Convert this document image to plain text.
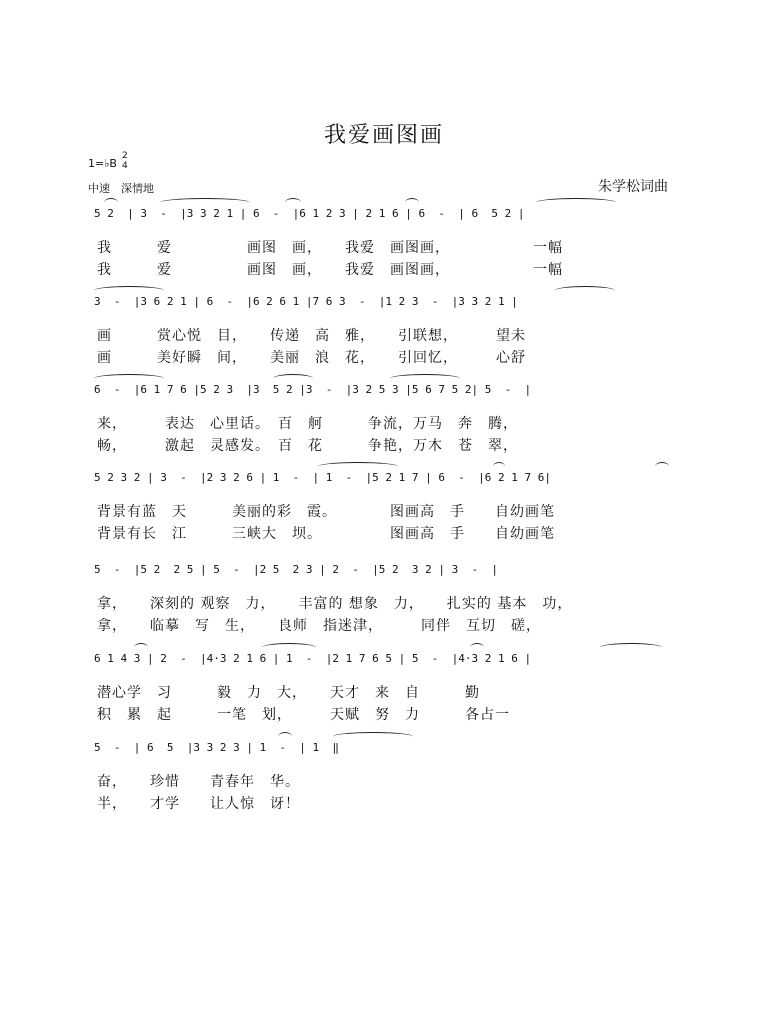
我爱画图画
1=♭B
2
4
中速　深情地	朱学松词曲
5 2  | 3  -  |3 3 2 1 | 6  -  |6 1 2 3 | 2 1 6 | 6  -  | 6  5 2 |
我　　　爱　　　　　画图　画，　　我爱　画图画，　　　　　　一幅
我　　　爱　　　　　画图　画，　　我爱　画图画，　　　　　　一幅
3  -  |3 6 2 1 | 6  -  |6 2 6 1 |7 6 3  -  |1 2 3  -  |3 3 2 1 |
画　　　赏心悦　目，　　传递　高　雅，　　引联想，　　　望未
画　　　美好瞬　间，　　美丽　浪　花，　　引回忆，　　　心舒
6  -  |6 1 7 6 |5 2 3  |3  5 2 |3  -  |3 2 5 3 |5 6 7 5 2| 5  -  |
来，　　　表达　心里话。　百　舸　　　争流，万马　奔　腾，
畅，　　　激起　灵感发。　百　花　　　争艳，万木　苍　翠，
5 2 3 2 | 3  -  |2 3 2 6 | 1  -  | 1  -  |5 2 1 7 | 6  -  |6 2 1 7 6|
背景有蓝　天　　　美丽的彩　霞。　　　　图画高　手　　自幼画笔
背景有长　江　　　三峡大　坝。　　　　　图画高　手　　自幼画笔
5  -  |5 2  2 5 | 5  -  |2 5  2 3 | 2  -  |5 2  3 2 | 3  -  |
拿，　　深刻的 观察　力，　　丰富的 想象　力，　　扎实的 基本　功，
拿，　　临摹　写　生，　　良师　指迷津，　　　同伴　互切　磋，
6 1 4 3 | 2  -  |4·3 2 1 6 | 1  -  |2 1 7 6 5 | 5  -  |4·3 2 1 6 |
潜心学　习　　　毅　力　大，　　天才　来　自　　　勤
积　累　起　　　一笔　划，　　　天赋　努　力　　　各占一
5  -  | 6  5  |3 3 2 3 | 1  -  | 1  ‖
奋，　　珍惜　　青春年　华。
半，　　才学　　让人惊　讶！
